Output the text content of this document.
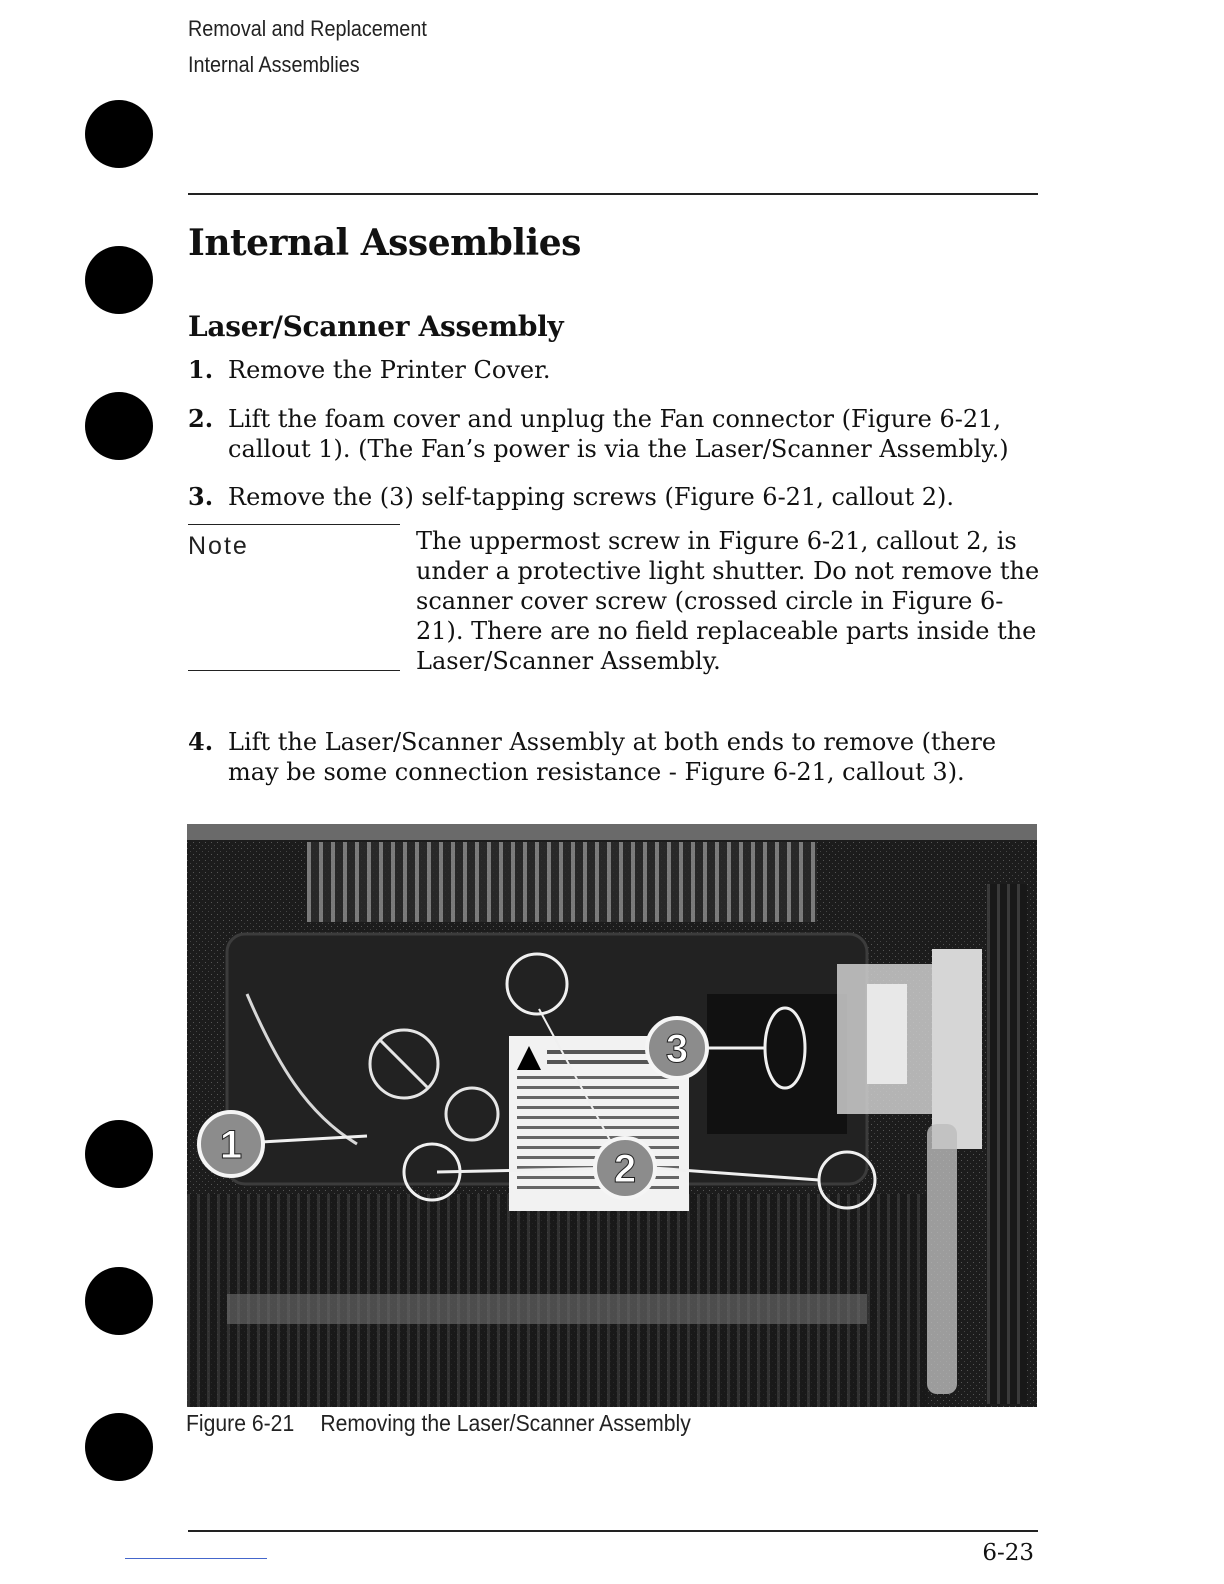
Removal and Replacement
Internal Assemblies
Internal Assemblies
Laser/Scanner Assembly
1. Remove the Printer Cover.
2. Lift the foam cover and unplug the Fan connector (Figure 6-21, callout 1). (The Fan’s power is via the Laser/Scanner Assembly.)
3. Remove the (3) self-tapping screws (Figure 6-21, callout 2).
Note	The uppermost screw in Figure 6-21, callout 2, is under a protective light shutter. Do not remove the scanner cover screw (crossed circle in Figure 6-21). There are no field replaceable parts inside the Laser/Scanner Assembly.
4. Lift the Laser/Scanner Assembly at both ends to remove (there may be some connection resistance - Figure 6-21, callout 3).
1
2
3
Figure 6-21 Removing the Laser/Scanner Assembly
6-23
